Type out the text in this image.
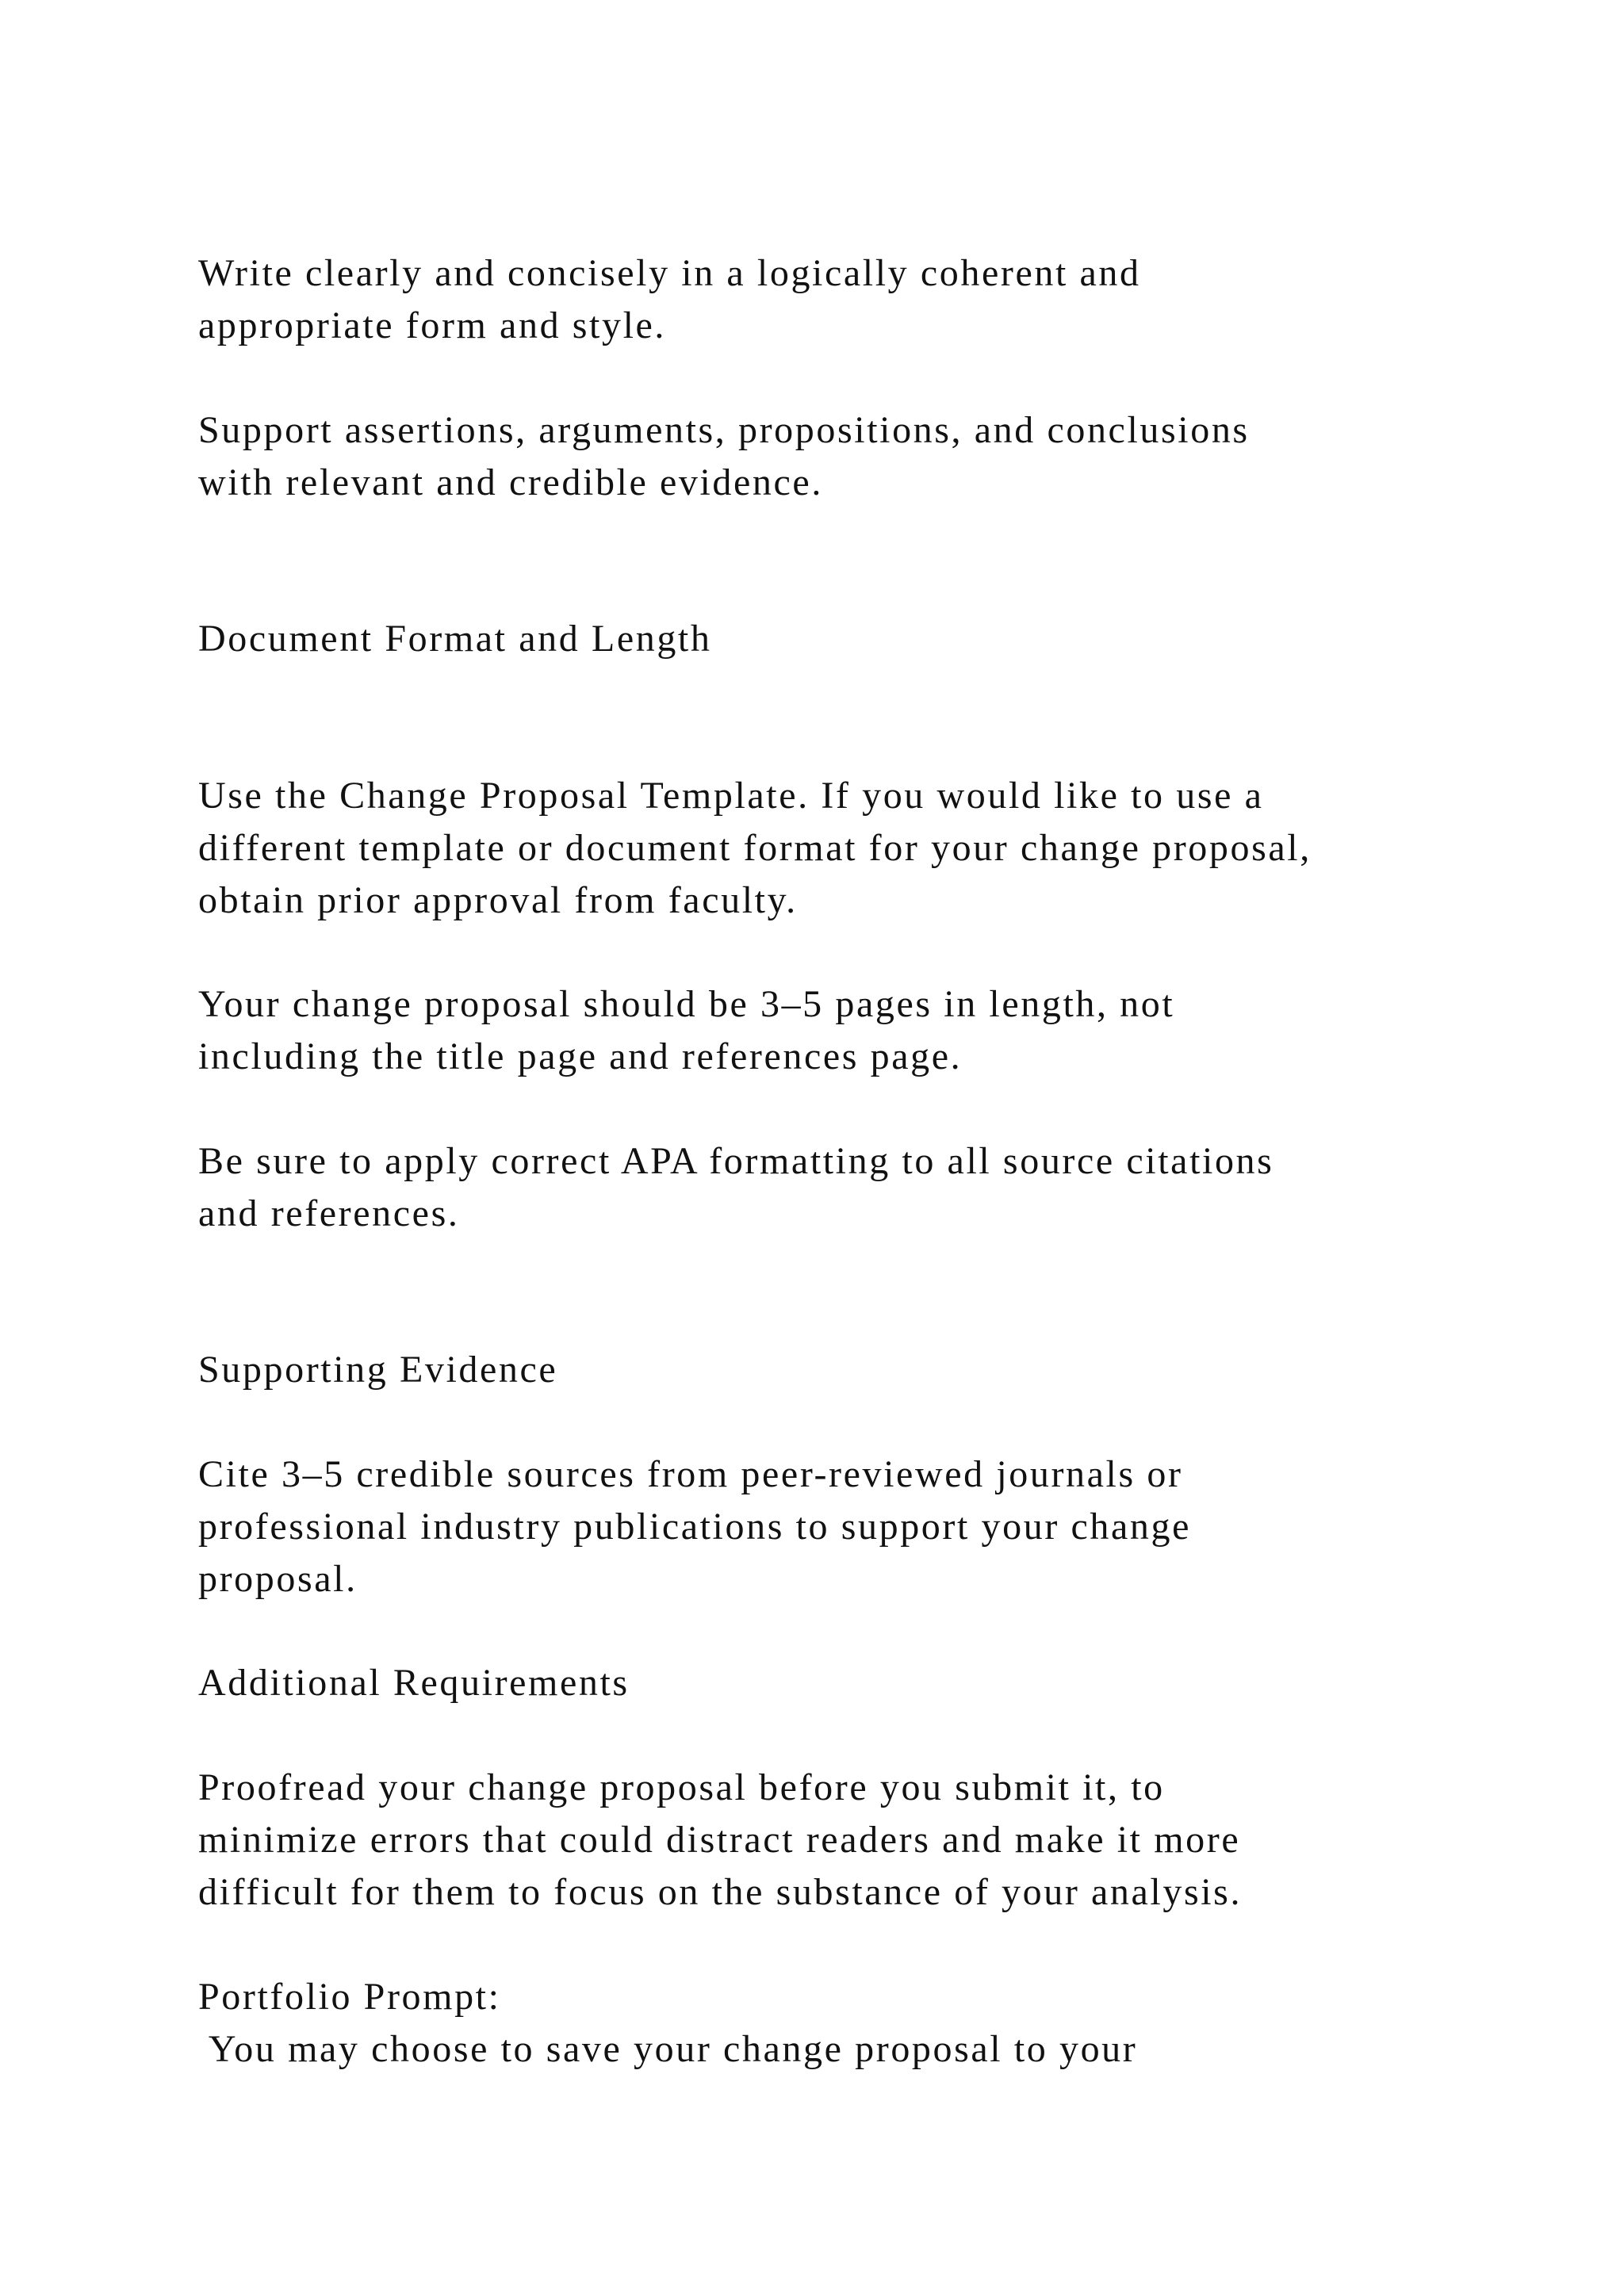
Write clearly and concisely in a logically coherent and

appropriate form and style.

Support assertions, arguments, propositions, and conclusions

with relevant and credible evidence.

Document Format and Length

Use the Change Proposal Template. If you would like to use a

different template or document format for your change proposal,

obtain prior approval from faculty.

Your change proposal should be 3–5 pages in length, not

including the title page and references page.

Be sure to apply correct APA formatting to all source citations

and references.

Supporting Evidence

Cite 3–5 credible sources from peer-reviewed journals or

professional industry publications to support your change

proposal.

Additional Requirements

Proofread your change proposal before you submit it, to

minimize errors that could distract readers and make it more

difficult for them to focus on the substance of your analysis.

Portfolio Prompt:

You may choose to save your change proposal to your
